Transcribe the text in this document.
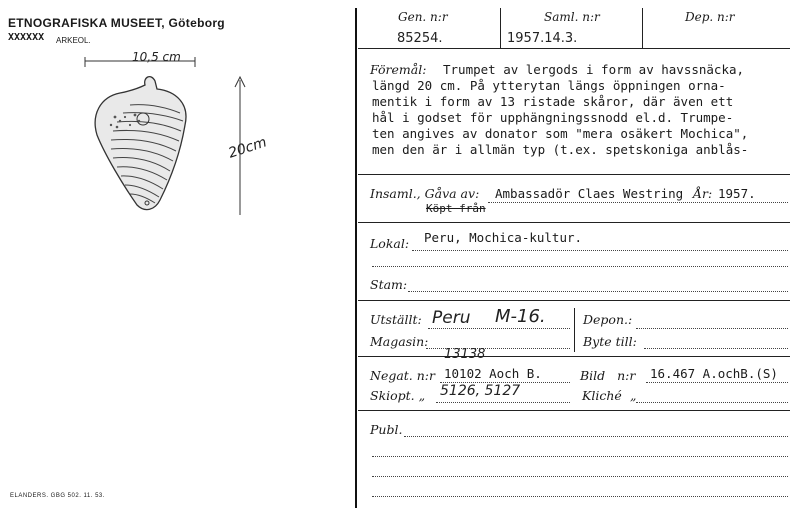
ETNOGRAFISKA MUSEET, Göteborg
XXXXXX ARKEOL.
10,5 cm
20cm
ELANDERS. GBG 502. 11. 53.
Gen. n:r	Saml. n:r	Dep. n:r
85254.	1957.14.3.
Föremål: Trumpet av lergods i form av havssnäcka,
längd 20 cm. På ytterytan längs öppningen orna-
mentik i form av 13 ristade skåror, där även ett
hål i godset för upphängningssnodd el.d. Trumpe-
ten angives av donator som "mera osäkert Mochica",
men den är i allmän typ (t.ex. spetskoniga anblås-
Insaml., Gåva av: Ambassadör Claes Westring År: 1957.
Köpt från
Lokal: Peru, Mochica-kultur.
Stam:
Utställt: Peru M-16.	Depon.:
Magasin:	Byte till:
13138
Negat. n:r 10102 Aoch B.	Bild   n:r 16.467 A.ochB.(S)
Skiopt. „ 5126, 5127	Kliché „
Publ.
